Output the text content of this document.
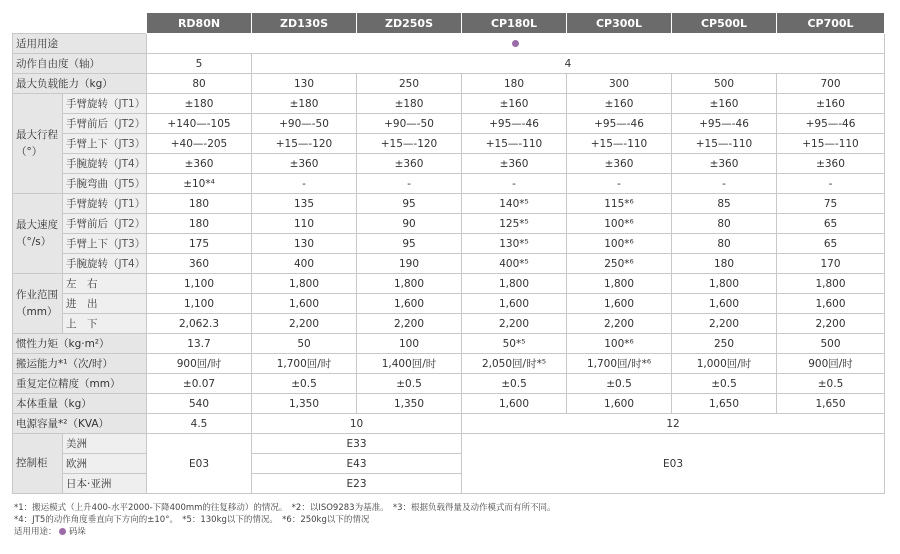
		RD80N	ZD130S	ZD250S	CP180L	CP300L	CP500L	CP700L
适用用途								
动作自由度（轴）		5	4					
最大负载能力（kg）		80	130	250	180	300	500	700
最大行程（°）	手臂旋转（JT1）	±180	±180	±180	±160	±160	±160	±160
	手臂前后（JT2）	+140—-105	+90—-50	+90—-50	+95—-46	+95—-46	+95—-46	+95—-46
	手臂上下（JT3）	+40—-205	+15—-120	+15—-120	+15—-110	+15—-110	+15—-110	+15—-110
	手腕旋转（JT4）	±360	±360	±360	±360	±360	±360	±360
	手腕弯曲（JT5）	±10*⁴	-	-	-	-	-	-
最大速度（°/s）	手臂旋转（JT1）	180	135	95	140*⁵	115*⁶	85	75
	手臂前后（JT2）	180	110	90	125*⁵	100*⁶	80	65
	手臂上下（JT3）	175	130	95	130*⁵	100*⁶	80	65
	手腕旋转（JT4）	360	400	190	400*⁵	250*⁶	180	170
作业范围（mm）	左　右	1,100	1,800	1,800	1,800	1,800	1,800	1,800
	进　出	1,100	1,600	1,600	1,600	1,600	1,600	1,600
	上　下	2,062.3	2,200	2,200	2,200	2,200	2,200	2,200
惯性力矩（kg·m²）		13.7	50	100	50*⁵	100*⁶	250	500
搬运能力*¹（次/时）		900回/时	1,700回/时	1,400回/时	2,050回/时*⁵	1,700回/时*⁶	1,000回/时	900回/时
重复定位精度（mm）		±0.07	±0.5	±0.5	±0.5	±0.5	±0.5	±0.5
本体重量（kg）		540	1,350	1,350	1,600	1,600	1,650	1,650
电源容量*²（KVA）		4.5	10		12			
控制柜	美洲	E03	E33		E03			
	欧洲		E43					
	日本·亚洲		E23					
*1：搬运模式（上升400-水平2000-下降400mm的往复移动）的情况。　*2：以ISO9283为基准。　*3：根据负载得量及动作模式而有所不同。
*4：JT5的动作角度垂直向下方向的±10°。　*5：130kg以下的情况。　*6：250kg以下的情况
适用用途： 码垛
